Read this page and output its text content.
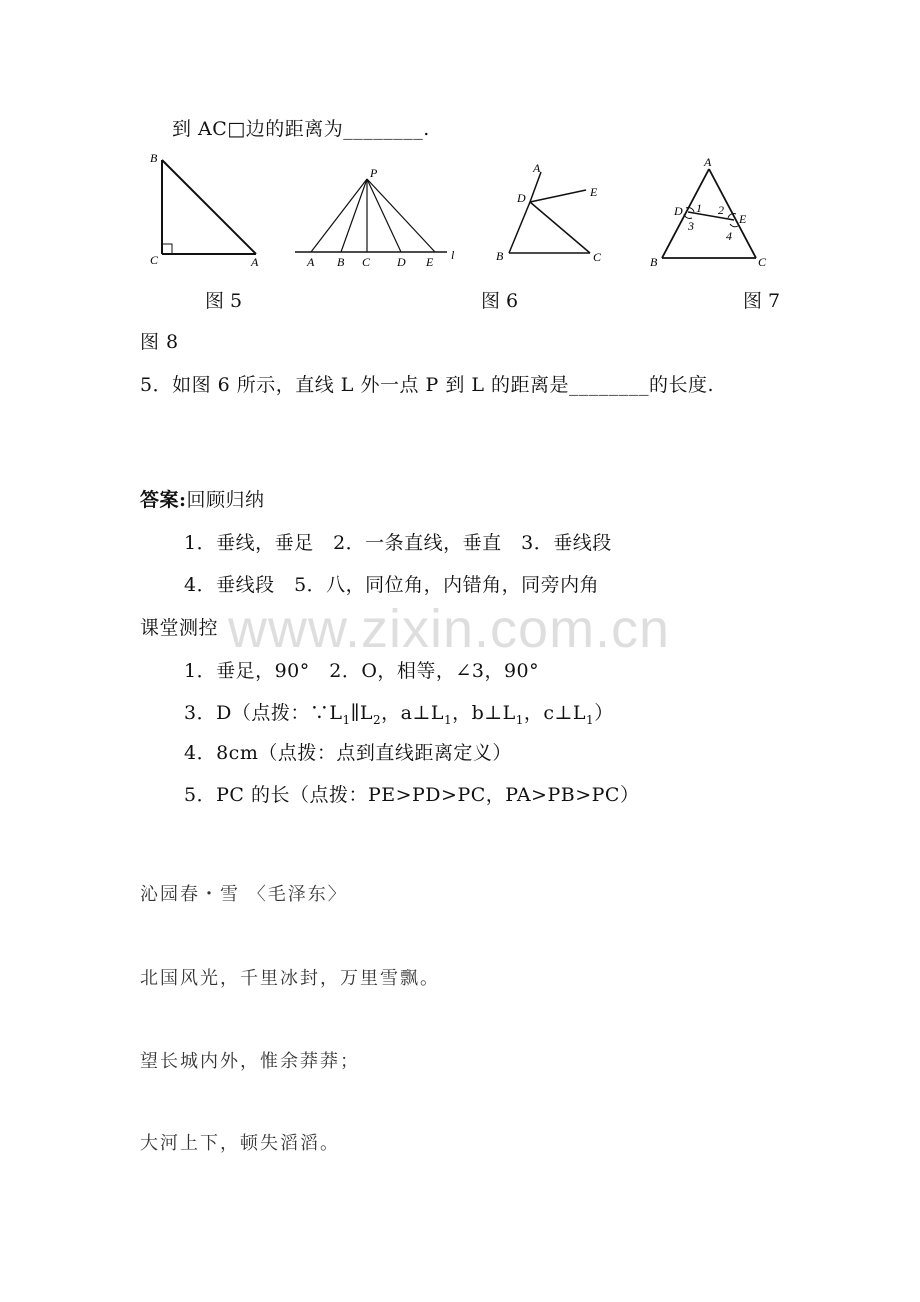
到 AC□边的距离为________.
B
C	A
P
A B C D E l
A
D	E
B	C
A
D
E
B	C
1 2
3
4
图 5	图 6	图 7
图 8
5．如图 6 所示，直线 L 外一点 P 到 L 的距离是________的长度.
答案:回顾归纳
1．垂线，垂足　2．一条直线，垂直　3．垂线段
4．垂线段　5．八，同位角，内错角，同旁内角
课堂测控
1．垂足，90°　2．O，相等，∠3，90°
3．D（点拨：$\because L_1\parallel L_2$，$a\perp L_1$，$b\perp L_1$，$c\perp L_1$）
4．8cm（点拨：点到直线距离定义）
5．PC 的长（点拨：PE>PD>PC，PA>PB>PC）
www.zixin.com.cn
沁园春・雪 〈毛泽东〉
北国风光，千里冰封，万里雪飘。
望长城内外，惟余莽莽；
大河上下，顿失滔滔。
